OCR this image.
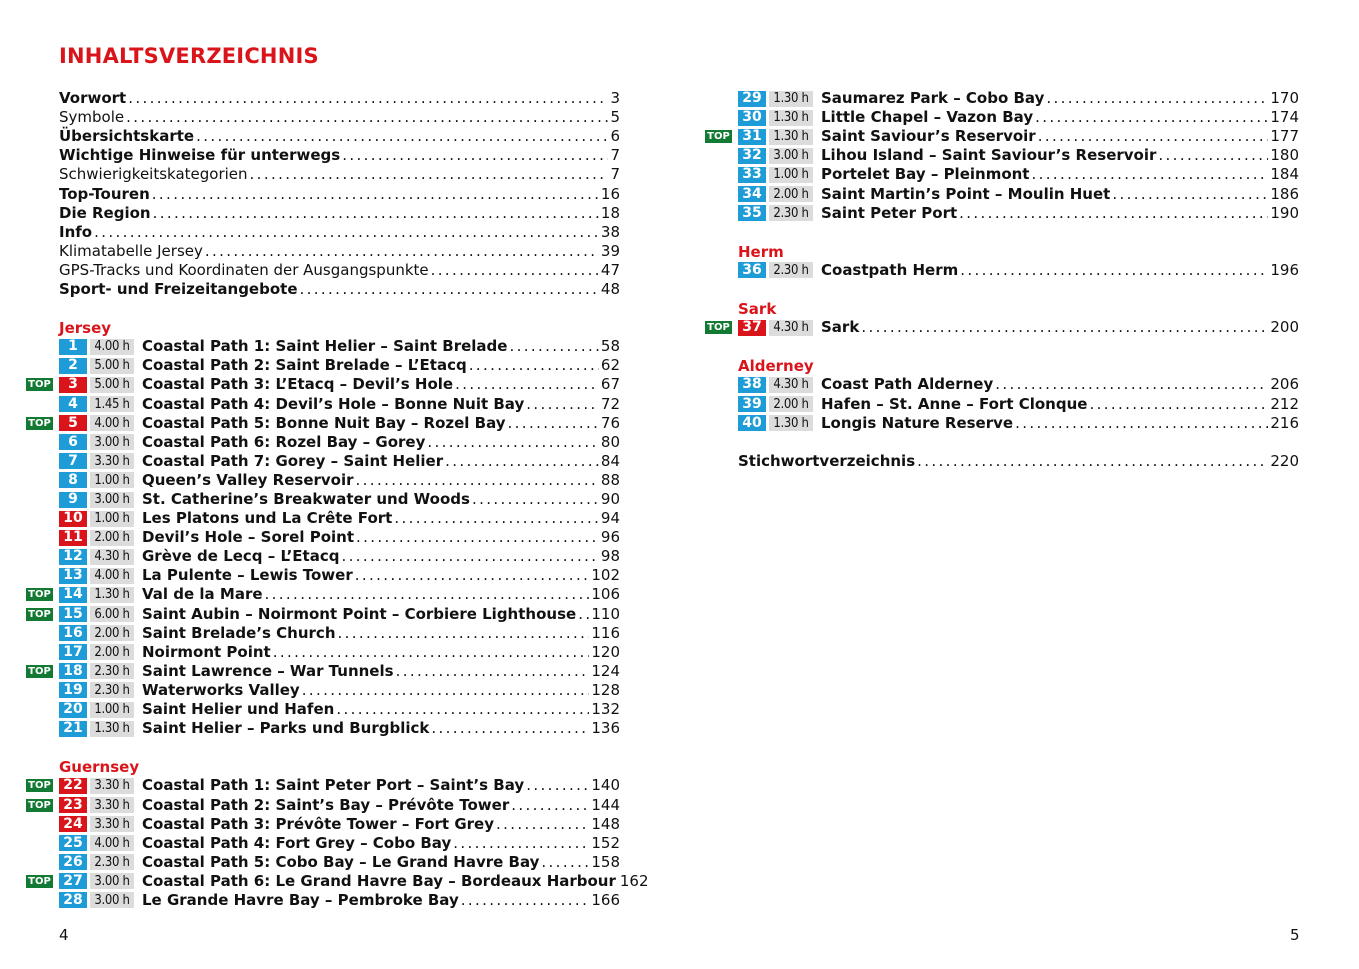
INHALTSVERZEICHNIS
Vorwort . . .	3
Symbole . . .	5
Übersichtskarte . . .	6
Wichtige Hinweise für unterwegs . . .	7
Schwierigkeitskategorien . . .	7
Top-Touren . . .	16
Die Region . . .	18
Info . . .	38
Klimatabelle Jersey . . .	39
GPS-Tracks und Koordinaten der Ausgangspunkte . . .	47
Sport- und Freizeitangebote . . .	48
Jersey
1	4.00 h Coastal Path 1: Saint Helier – Saint Brelade . . .	58
2	5.00 h Coastal Path 2: Saint Brelade – L’Etacq . . .	62
TOP	3	5.00 h Coastal Path 3: L’Etacq – Devil’s Hole . . .	67
4	1.45 h Coastal Path 4: Devil’s Hole – Bonne Nuit Bay . . .	72
TOP	5	4.00 h Coastal Path 5: Bonne Nuit Bay – Rozel Bay . . .	76
6	3.00 h Coastal Path 6: Rozel Bay – Gorey . . .	80
7	3.30 h Coastal Path 7: Gorey – Saint Helier . . .	84
8	1.00 h Queen’s Valley Reservoir . . .	88
9	3.00 h St. Catherine’s Breakwater und Woods . . .	90
10 1.00 h Les Platons und La Crête Fort . . .	94
11 2.00 h Devil’s Hole – Sorel Point . . .	96
12 4.30 h Grève de Lecq – L’Etacq . . .	98
13 4.00 h La Pulente – Lewis Tower . . .	102
TOP 14 1.30 h Val de la Mare . . .	106
TOP 15 6.00 h Saint Aubin – Noirmont Point – Corbiere Lighthouse . . . 110
16 2.00 h Saint Brelade’s Church . . .	116
17 2.00 h Noirmont Point . . .	120
TOP 18 2.30 h Saint Lawrence – War Tunnels . . .	124
19 2.30 h Waterworks Valley . . .	128
20 1.00 h Saint Helier und Hafen . . .	132
21 1.30 h Saint Helier – Parks und Burgblick . . .	136
Guernsey
TOP 22 3.30 h Coastal Path 1: Saint Peter Port – Saint’s Bay . . .	140
TOP 23 3.30 h Coastal Path 2: Saint’s Bay – Prévôte Tower . . .	144
24 3.30 h Coastal Path 3: Prévôte Tower – Fort Grey . . .	148
25 4.00 h Coastal Path 4: Fort Grey – Cobo Bay . . .	152
26 2.30 h Coastal Path 5: Cobo Bay – Le Grand Havre Bay . . .	158
TOP 27 3.00 h Coastal Path 6: Le Grand Havre Bay – Bordeaux Harbour 162
28 3.00 h Le Grande Havre Bay – Pembroke Bay . . .	166
29 1.30 h Saumarez Park – Cobo Bay . . .	170
30 1.30 h Little Chapel – Vazon Bay . . .	174
TOP 31 1.30 h Saint Saviour’s Reservoir . . .	177
32 3.00 h Lihou Island – Saint Saviour’s Reservoir . . .	180
33 1.00 h Portelet Bay – Pleinmont . . .	184
34 2.00 h Saint Martin’s Point – Moulin Huet . . .	186
35 2.30 h Saint Peter Port . . .	190
Herm
36 2.30 h Coastpath Herm . . .	196
Sark
TOP 37 4.30 h Sark . . .	200
Alderney
38 4.30 h Coast Path Alderney . . .	206
39 2.00 h Hafen – St. Anne – Fort Clonque . . .	212
40 1.30 h Longis Nature Reserve . . .	216
Stichwortverzeichnis . . .	220
4	5
